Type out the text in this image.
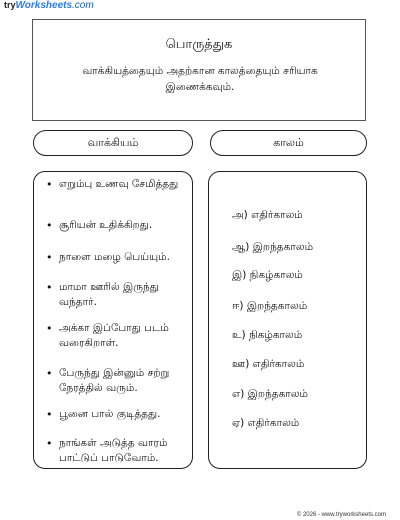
tryWorksheets.com
பொருத்துக
வாக்கியத்தையும் அதற்கான காலத்தையும் சரியாக இணைக்கவும்.
வாக்கியம்	காலம்
• எறும்பு உணவு சேமித்தது
• சூரியன் உதிக்கிறது.
• நாளை மழை பெய்யும்.
• மாமா ஊரில் இருந்து வந்தார்.
• அக்கா இப்போது படம் வரைகிறாள்.
• பேருந்து இன்னும் சற்று நேரத்தில் வரும்.
• பூனை பால் குடித்தது.
• நாங்கள் அடுத்த வாரம் பாட்டுப் பாடுவோம்.
அ) எதிர்காலம்
ஆ) இறந்தகாலம்
இ) நிகழ்காலம்
ஈ) இறந்தகாலம்
உ) நிகழ்காலம்
ஊ) எதிர்காலம்
எ) இறந்தகாலம்
ஏ) எதிர்காலம்
© 2026 - www.tryworksheets.com
